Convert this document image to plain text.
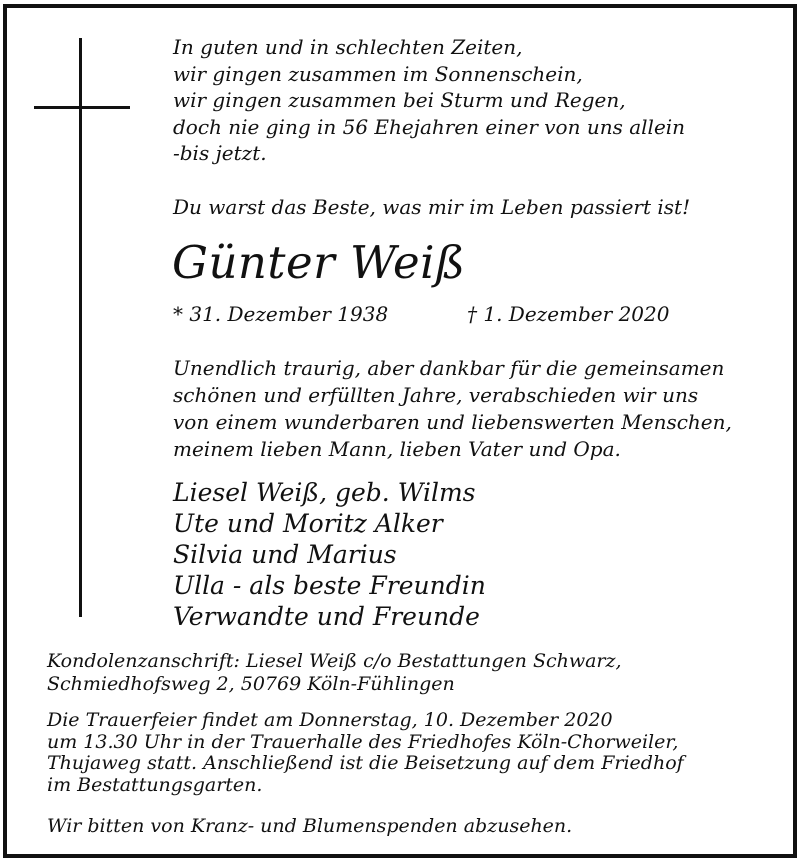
In guten und in schlechten Zeiten,
wir gingen zusammen im Sonnenschein,
wir gingen zusammen bei Sturm und Regen,
doch nie ging in 56 Ehejahren einer von uns allein
-bis jetzt.
Du warst das Beste, was mir im Leben passiert ist!
Günter Weiß
* 31. Dezember 1938	† 1. Dezember 2020
Unendlich traurig, aber dankbar für die gemeinsamen
schönen und erfüllten Jahre, verabschieden wir uns
von einem wunderbaren und liebenswerten Menschen,
meinem lieben Mann, lieben Vater und Opa.
Liesel Weiß, geb. Wilms
Ute und Moritz Alker
Silvia und Marius
Ulla - als beste Freundin
Verwandte und Freunde
Kondolenzanschrift: Liesel Weiß c/o Bestattungen Schwarz,
Schmiedhofsweg 2, 50769 Köln-Fühlingen
Die Trauerfeier findet am Donnerstag, 10. Dezember 2020
um 13.30 Uhr in der Trauerhalle des Friedhofes Köln-Chorweiler,
Thujaweg statt. Anschließend ist die Beisetzung auf dem Friedhof
im Bestattungsgarten.
Wir bitten von Kranz- und Blumenspenden abzusehen.
